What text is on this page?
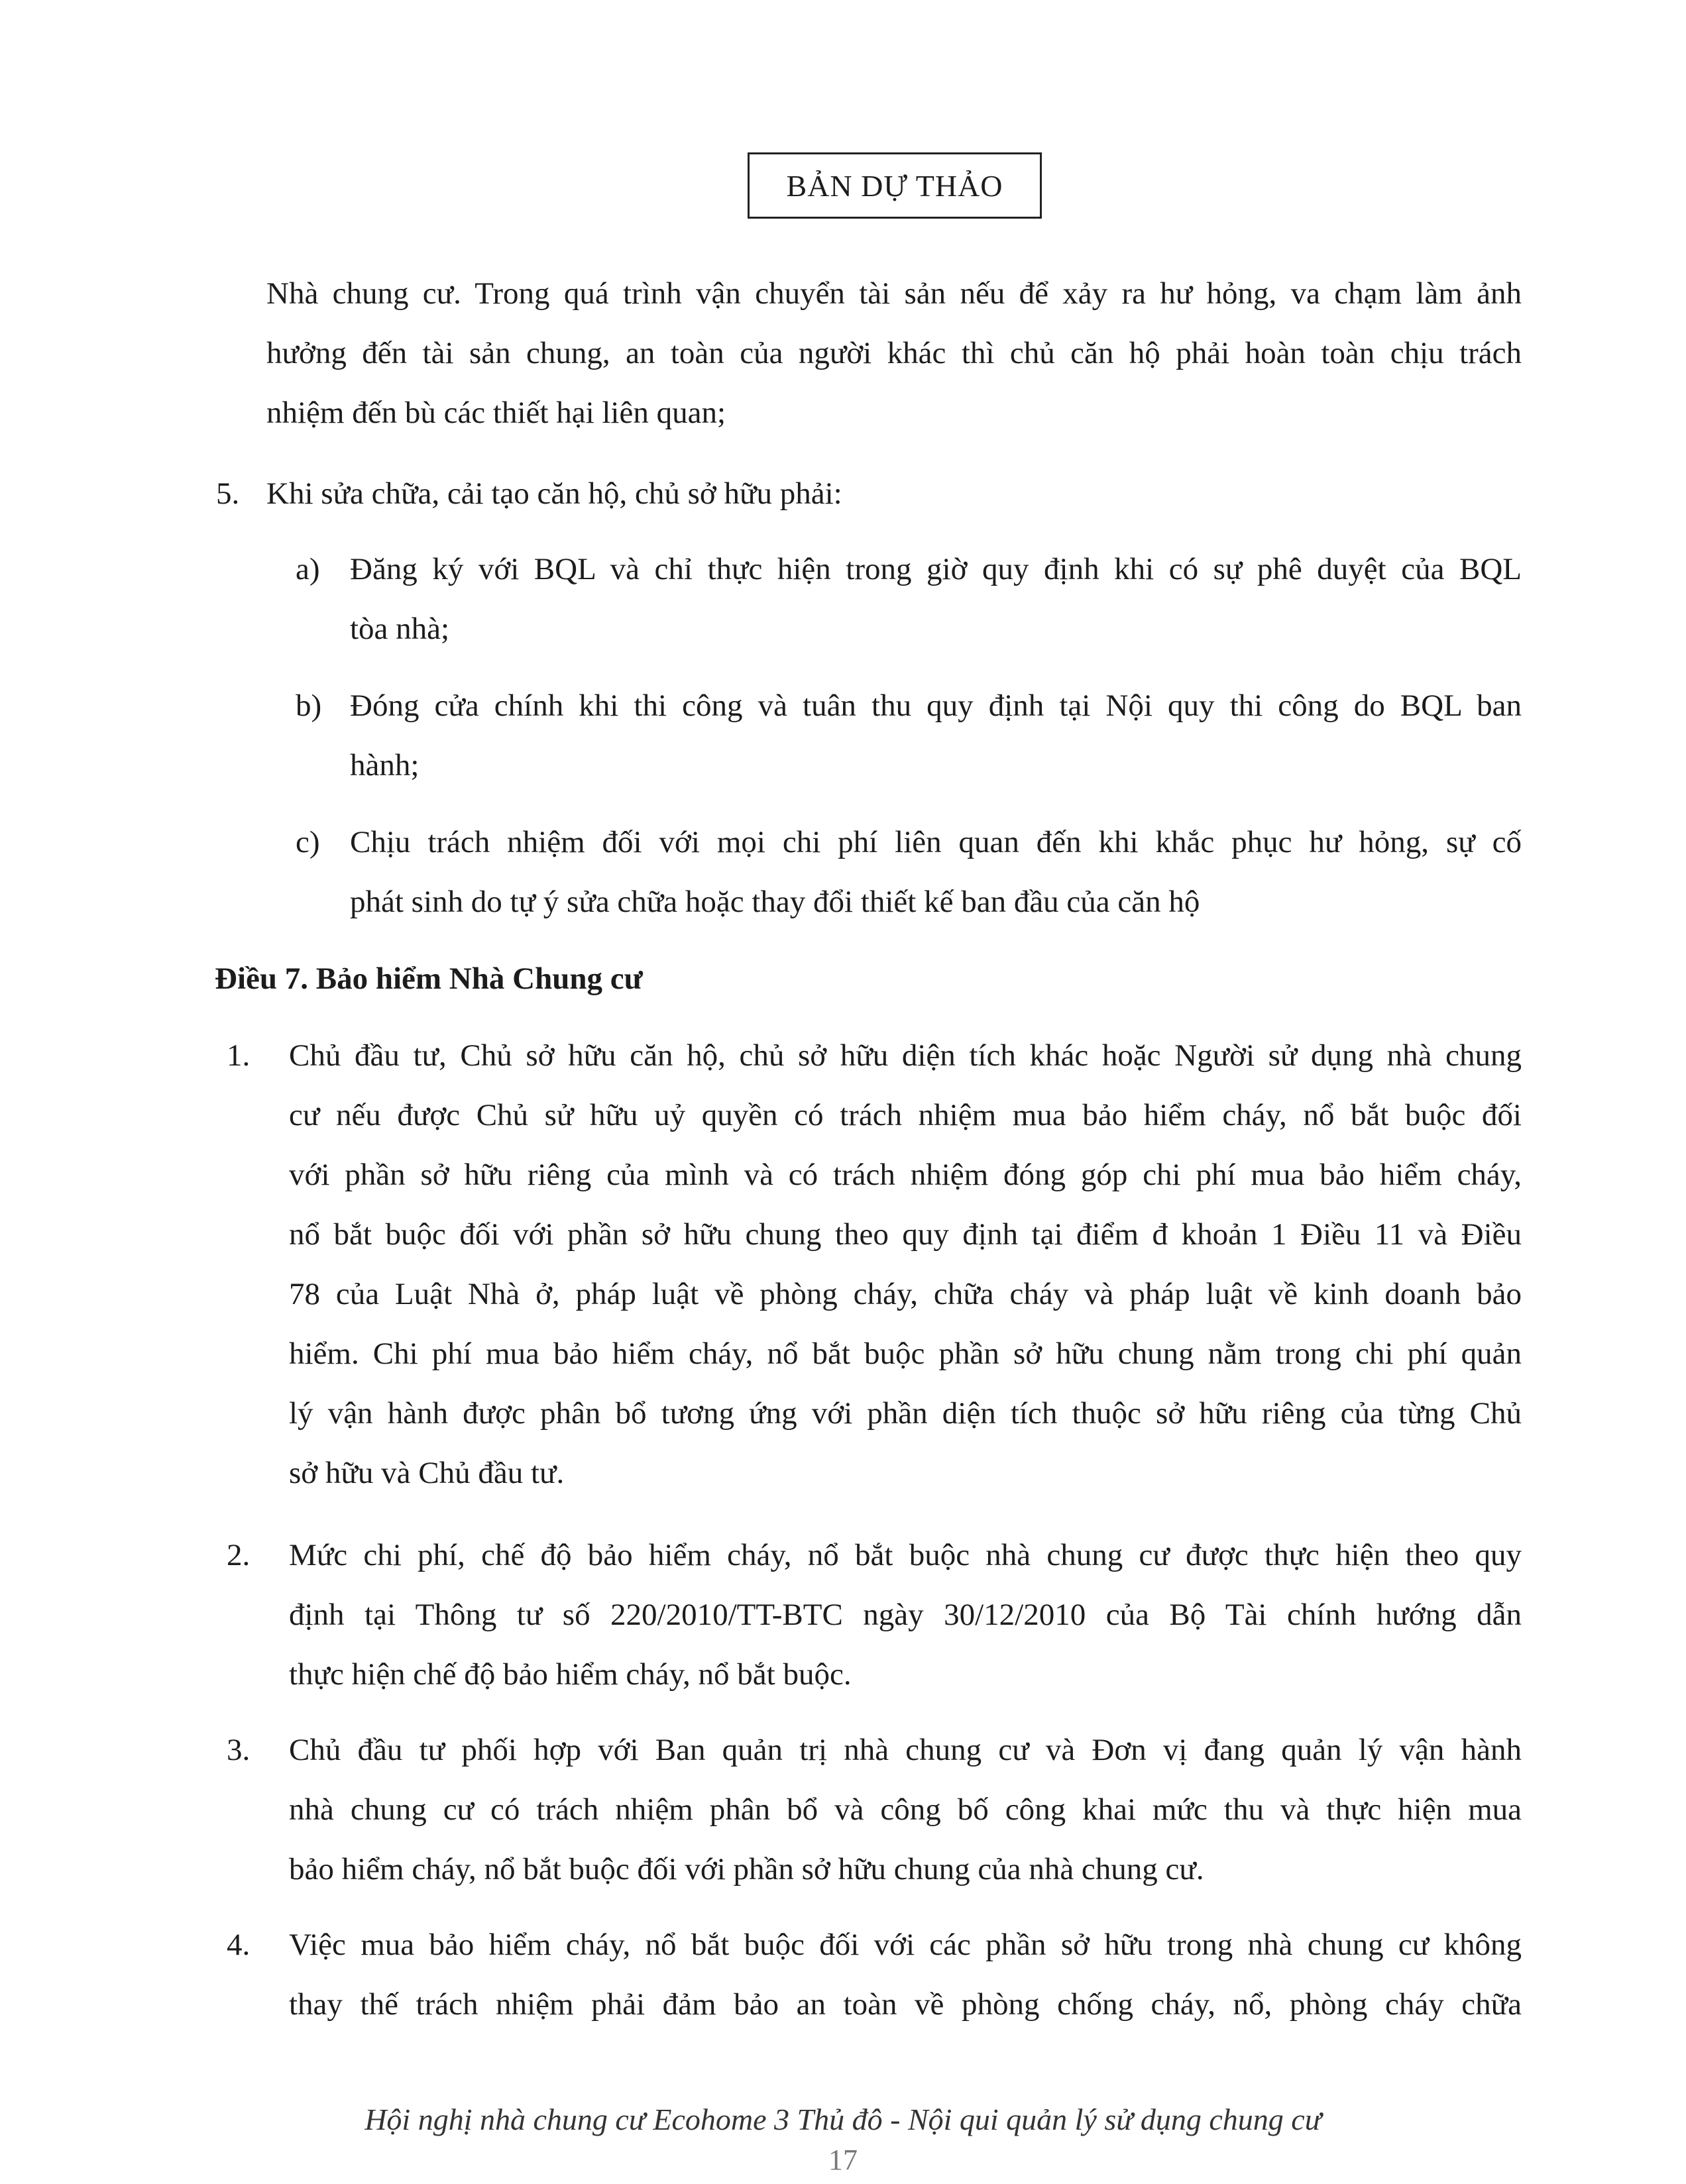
BẢN DỰ THẢO
Nhà chung cư. Trong quá trình vận chuyển tài sản nếu để xảy ra hư hỏng, va chạm làm ảnh
hưởng đến tài sản chung, an toàn của người khác thì chủ căn hộ phải hoàn toàn chịu trách
nhiệm đến bù các thiết hại liên quan;
5. Khi sửa chữa, cải tạo căn hộ, chủ sở hữu phải:
a) Đăng ký với BQL và chỉ thực hiện trong giờ quy định khi có sự phê duyệt của BQL
tòa nhà;
b) Đóng cửa chính khi thi công và tuân thu quy định tại Nội quy thi công do BQL ban
hành;
c) Chịu trách nhiệm đối với mọi chi phí liên quan đến khi khắc phục hư hỏng, sự cố
phát sinh do tự ý sửa chữa hoặc thay đổi thiết kế ban đầu của căn hộ
Điều 7. Bảo hiểm Nhà Chung cư
1. Chủ đầu tư, Chủ sở hữu căn hộ, chủ sở hữu diện tích khác hoặc Người sử dụng nhà chung
cư nếu được Chủ sử hữu uỷ quyền có trách nhiệm mua bảo hiểm cháy, nổ bắt buộc đối
với phần sở hữu riêng của mình và có trách nhiệm đóng góp chi phí mua bảo hiểm cháy,
nổ bắt buộc đối với phần sở hữu chung theo quy định tại điểm đ khoản 1 Điều 11 và Điều
78 của Luật Nhà ở, pháp luật về phòng cháy, chữa cháy và pháp luật về kinh doanh bảo
hiểm. Chi phí mua bảo hiểm cháy, nổ bắt buộc phần sở hữu chung nằm trong chi phí quản
lý vận hành được phân bổ tương ứng với phần diện tích thuộc sở hữu riêng của từng Chủ
sở hữu và Chủ đầu tư.
2. Mức chi phí, chế độ bảo hiểm cháy, nổ bắt buộc nhà chung cư được thực hiện theo quy
định tại Thông tư số 220/2010/TT-BTC ngày 30/12/2010 của Bộ Tài chính hướng dẫn
thực hiện chế độ bảo hiểm cháy, nổ bắt buộc.
3. Chủ đầu tư phối hợp với Ban quản trị nhà chung cư và Đơn vị đang quản lý vận hành
nhà chung cư có trách nhiệm phân bổ và công bố công khai mức thu và thực hiện mua
bảo hiểm cháy, nổ bắt buộc đối với phần sở hữu chung của nhà chung cư.
4. Việc mua bảo hiểm cháy, nổ bắt buộc đối với các phần sở hữu trong nhà chung cư không
thay thế trách nhiệm phải đảm bảo an toàn về phòng chống cháy, nổ, phòng cháy chữa
Hội nghị nhà chung cư Ecohome 3 Thủ đô - Nội qui quản lý sử dụng chung cư
17
